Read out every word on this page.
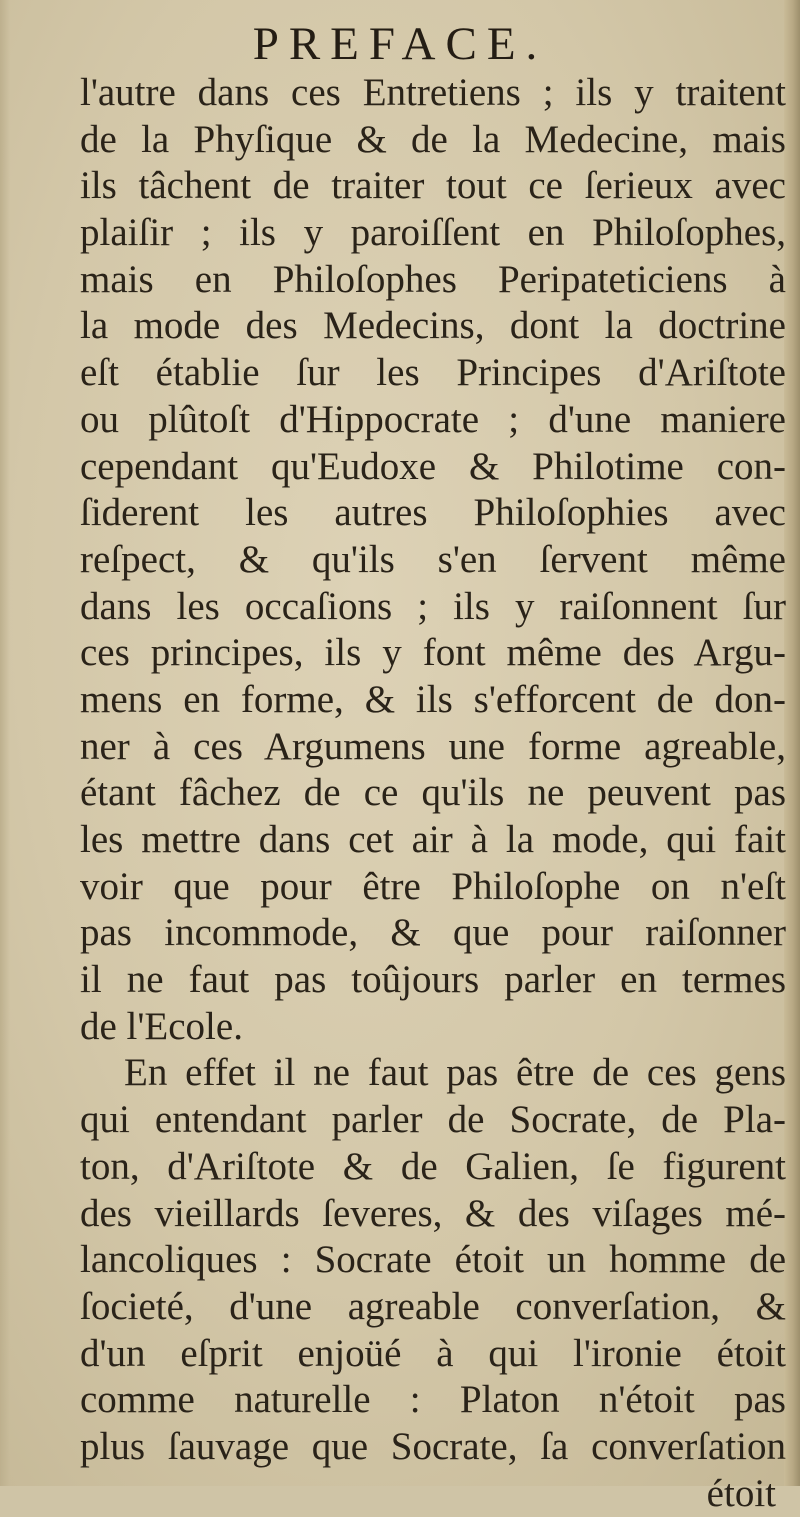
PREFACE.
l'autre dans ces Entretiens ; ils y traitent
de la Phyſique & de la Medecine, mais
ils tâchent de traiter tout ce ſerieux avec
plaiſir ; ils y paroiſſent en Philoſophes,
mais en Philoſophes Peripateticiens à
la mode des Medecins, dont la doctrine
eſt établie ſur les Principes d'Ariſtote
ou plûtoſt d'Hippocrate ; d'une maniere
cependant qu'Eudoxe & Philotime con-
ſiderent les autres Philoſophies avec
reſpect, & qu'ils s'en ſervent même
dans les occaſions ; ils y raiſonnent ſur
ces principes, ils y font même des Argu-
mens en forme, & ils s'efforcent de don-
ner à ces Argumens une forme agreable,
étant fâchez de ce qu'ils ne peuvent pas
les mettre dans cet air à la mode, qui fait
voir que pour être Philoſophe on n'eſt
pas incommode, & que pour raiſonner
il ne faut pas toûjours parler en termes
de l'Ecole.
En effet il ne faut pas être de ces gens
qui entendant parler de Socrate, de Pla-
ton, d'Ariſtote & de Galien, ſe figurent
des vieillards ſeveres, & des viſages mé-
lancoliques : Socrate étoit un homme de
ſocieté, d'une agreable converſation, &
d'un eſprit enjoüé à qui l'ironie étoit
comme naturelle : Platon n'étoit pas
plus ſauvage que Socrate, ſa converſation
étoit
